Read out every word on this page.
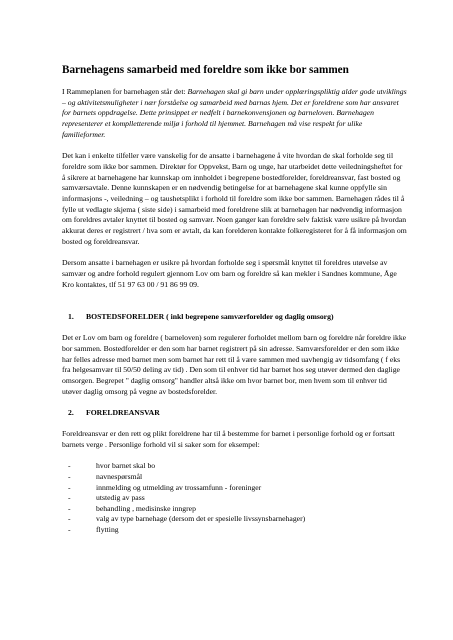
Barnehagens samarbeid med foreldre som ikke bor sammen

I Rammeplanen for barnehagen står det: Barnehagen skal gi barn under opplæringspliktig alder gode utviklings – og aktivitetsmuligheter i nær forståelse og samarbeid med barnas hjem. Det er foreldrene som har ansvaret for barnets oppdragelse. Dette prinsippet er nedfelt i barnekonvensjonen og barneloven. Barnehagen representerer et komplletterende miljø i forhold til hjemmet. Barnehagen må vise respekt for ulike familieformer.

Det kan i enkelte tilfeller være vanskelig for de ansatte i barnehagene å vite hvordan de skal forholde seg til foreldre som ikke bor sammen. Direktør for Oppvekst, Barn og unge, har utarbeidet dette veiledningsheftet for å sikrere at barnehagene har kunnskap om innholdet i begrepene bostedforelder, foreldreansvar, fast bosted og samværsavtale. Denne kunnskapen er en nødvendig betingelse for at barnehagene skal kunne oppfylle sin informasjons -, veiledning – og taushetsplikt i forhold til foreldre som ikke bor sammen. Barnehagen rådes til å fylle ut vedlagte skjema ( siste side) i samarbeid med foreldrene slik at barnehagen har nødvendig informasjon om foreldres avtaler knyttet til bosted og samvær. Noen ganger kan foreldre selv faktisk være usikre på hvordan akkurat deres er registrert / hva som er avtalt, da kan forelderen kontakte folkeregisteret for å få informasjon om bosted og foreldreansvar.

Dersom ansatte i barnehagen er usikre på hvordan forholde seg i spørsmål knyttet til foreldres utøvelse av samvær og andre forhold regulert gjennom Lov om barn og foreldre så kan mekler i Sandnes kommune, Åge Kro kontaktes, tlf 51 97 63 00 / 91 86 99 09.

1. BOSTEDSFORELDER ( inkl begrepene samværforelder og daglig omsorg)

Det er Lov om barn og foreldre ( barneloven) som regulerer forholdet mellom barn og foreldre når foreldre ikke bor sammen. Bostedforelder er den som har barnet registrert på sin adresse. Samværsforelder er den som ikke har felles adresse med barnet men som barnet har rett til å være sammen med uavhengig av tidsomfang ( f eks fra helgesamvær til 50/50 deling av tid) . Den som til enhver tid har barnet hos seg utøver dermed den daglige omsorgen. Begrepet " daglig omsorg" handler altså ikke om hvor barnet bor, men hvem som til enhver tid utøver daglig omsorg på vegne av bostedsforelder.

2. FORELDREANSVAR

Foreldreansvar er den rett og plikt foreldrene har til å bestemme for barnet i personlige forhold og er fortsatt barnets verge . Personlige forhold vil si saker som for eksempel:

-	hvor barnet skal bo
-	navnespørsmål
-	innmelding og utmelding av trossamfunn - foreninger
-	utstedig av pass
-	behandling , medisinske inngrep
-	valg av type barnehage (dersom det er spesielle livssynsbarnehager)
-	flytting
